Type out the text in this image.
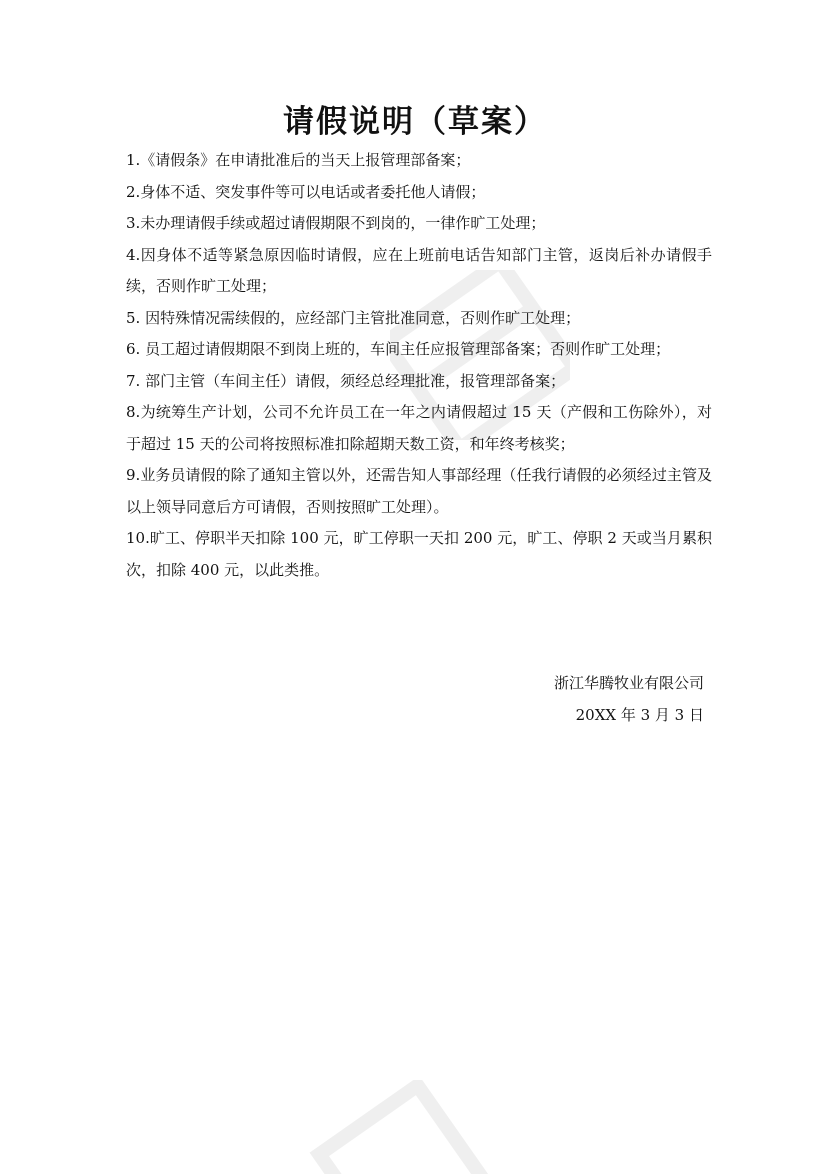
请假说明（草案）

1.《请假条》在申请批准后的当天上报管理部备案；

2.身体不适、突发事件等可以电话或者委托他人请假；

3.未办理请假手续或超过请假期限不到岗的，一律作旷工处理；

4.因身体不适等紧急原因临时请假，应在上班前电话告知部门主管，返岗后补办请假手续，否则作旷工处理；

5. 因特殊情况需续假的，应经部门主管批准同意，否则作旷工处理；

6. 员工超过请假期限不到岗上班的，车间主任应报管理部备案；否则作旷工处理；

7. 部门主管（车间主任）请假，须经总经理批准，报管理部备案；

8.为统筹生产计划，公司不允许员工在一年之内请假超过 15 天（产假和工伤除外），对于超过 15 天的公司将按照标准扣除超期天数工资，和年终考核奖；

9.业务员请假的除了通知主管以外，还需告知人事部经理（任我行请假的必须经过主管及以上领导同意后方可请假，否则按照旷工处理）。

10.旷工、停职半天扣除 100 元，旷工停职一天扣 200 元，旷工、停职 2 天或当月累积次，扣除 400 元，以此类推。

浙江华腾牧业有限公司
20XX 年 3 月 3 日
